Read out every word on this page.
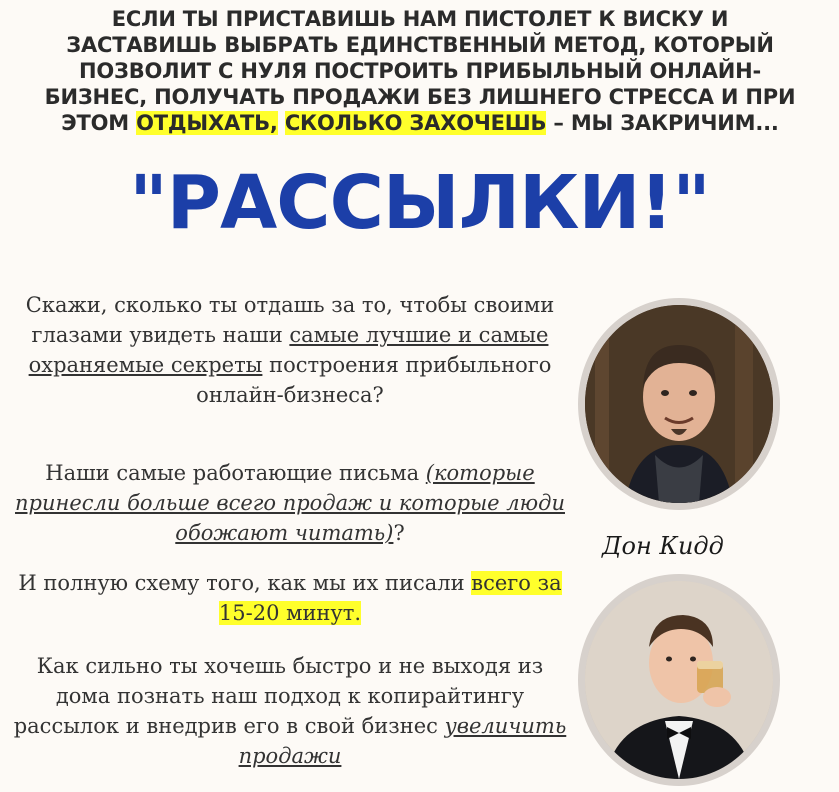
ЕСЛИ ТЫ ПРИСТАВИШЬ НАМ ПИСТОЛЕТ К ВИСКУ И ЗАСТАВИШЬ ВЫБРАТЬ ЕДИНСТВЕННЫЙ МЕТОД, КОТОРЫЙ ПОЗВОЛИТ С НУЛЯ ПОСТРОИТЬ ПРИБЫЛЬНЫЙ ОНЛАЙН-БИЗНЕС, ПОЛУЧАТЬ ПРОДАЖИ БЕЗ ЛИШНЕГО СТРЕССА И ПРИ ЭТОМ ОТДЫХАТЬ, СКОЛЬКО ЗАХОЧЕШЬ – МЫ ЗАКРИЧИМ...
"РАССЫЛКИ!"
Скажи, сколько ты отдашь за то, чтобы своими глазами увидеть наши самые лучшие и самые охраняемые секреты построения прибыльного онлайн-бизнеса?
Наши самые работающие письма (которые принесли больше всего продаж и которые люди обожают читать)?
И полную схему того, как мы их писали всего за 15-20 минут.
Как сильно ты хочешь быстро и не выходя из дома познать наш подход к копирайтингу рассылок и внедрив его в свой бизнес увеличить продажи
Дон Кидд
